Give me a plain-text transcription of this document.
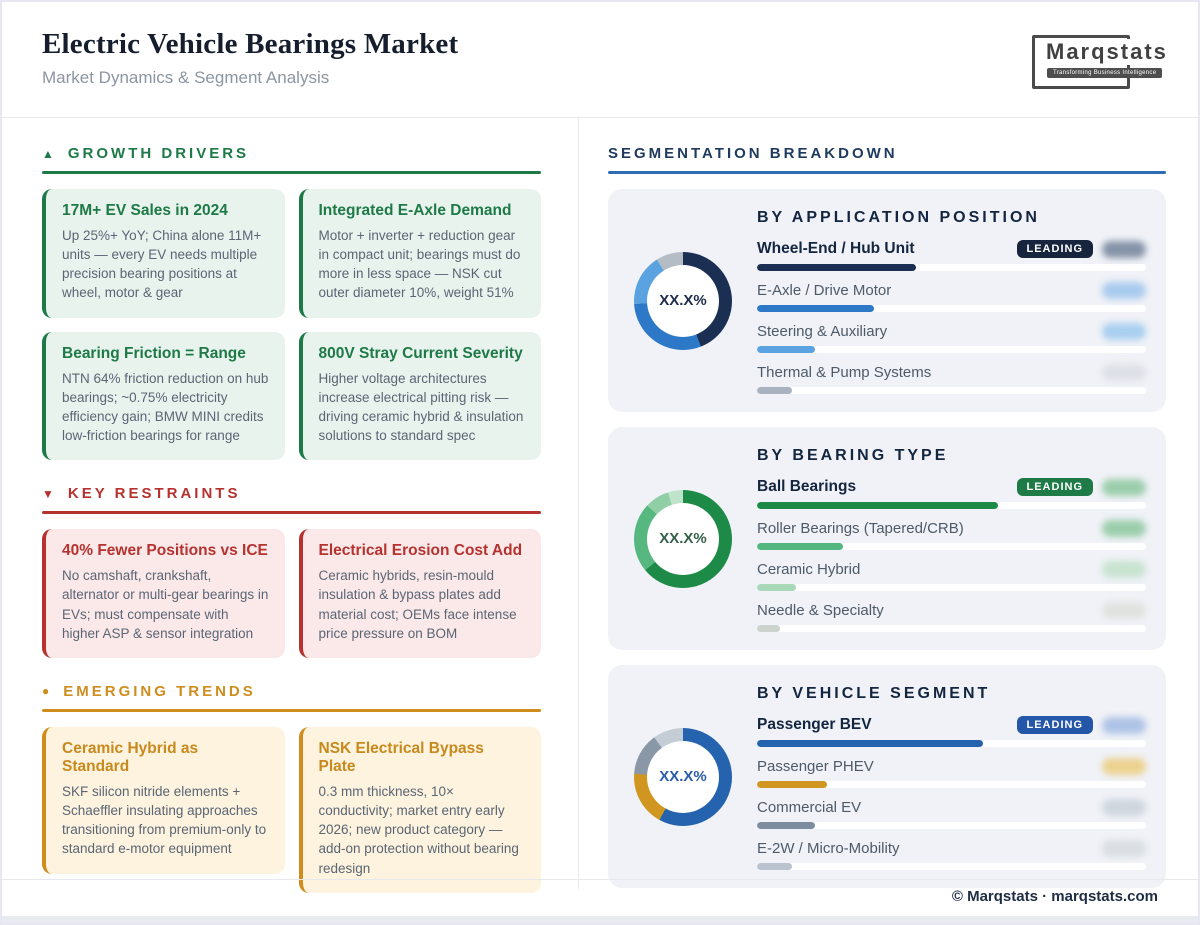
Electric Vehicle Bearings Market
Market Dynamics & Segment Analysis
Marqstats
Transforming Business Intelligence
▲ GROWTH DRIVERS
17M+ EV Sales in 2024
Up 25%+ YoY; China alone 11M+ units — every EV needs multiple precision bearing positions at wheel, motor & gear
Integrated E-Axle Demand
Motor + inverter + reduction gear in compact unit; bearings must do more in less space — NSK cut outer diameter 10%, weight 51%
Bearing Friction = Range
NTN 64% friction reduction on hub bearings; ~0.75% electricity efficiency gain; BMW MINI credits low-friction bearings for range
800V Stray Current Severity
Higher voltage architectures increase electrical pitting risk — driving ceramic hybrid & insulation solutions to standard spec
▼ KEY RESTRAINTS
40% Fewer Positions vs ICE
No camshaft, crankshaft, alternator or multi-gear bearings in EVs; must compensate with higher ASP & sensor integration
Electrical Erosion Cost Add
Ceramic hybrids, resin-mould insulation & bypass plates add material cost; OEMs face intense price pressure on BOM
● EMERGING TRENDS
Ceramic Hybrid as Standard
SKF silicon nitride elements + Schaeffler insulating approaches transitioning from premium-only to standard e-motor equipment
NSK Electrical Bypass Plate
0.3 mm thickness, 10× conductivity; market entry early 2026; new product category — add-on protection without bearing redesign
SEGMENTATION BREAKDOWN
XX.X%
BY APPLICATION POSITION
Wheel-End / Hub Unit	LEADING
E-Axle / Drive Motor
Steering & Auxiliary
Thermal & Pump Systems
XX.X%
BY BEARING TYPE
Ball Bearings	LEADING
Roller Bearings (Tapered/CRB)
Ceramic Hybrid
Needle & Specialty
XX.X%
BY VEHICLE SEGMENT
Passenger BEV	LEADING
Passenger PHEV
Commercial EV
E-2W / Micro-Mobility
© Marqstats · marqstats.com
